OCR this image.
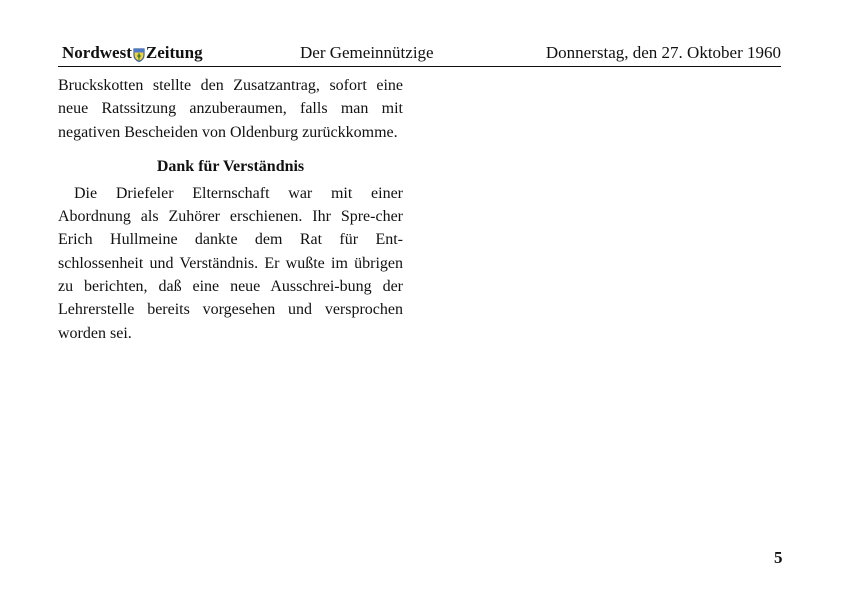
Nordwest Zeitung	Der Gemeinnützige	Donnerstag, den 27. Oktober 1960

Bruckskotten stellte den Zusatzantrag, sofort eine neue Ratssitzung anzuberaumen, falls man mit negativen Bescheiden von Oldenburg zurückkomme.

Dank für Verständnis

Die Driefeler Elternschaft war mit einer Abordnung als Zuhörer erschienen. Ihr Spre-​cher Erich Hullmeine dankte dem Rat für Ent-​schlossenheit und Verständnis. Er wußte im übrigen zu berichten, daß eine neue Ausschrei-​bung der Lehrerstelle bereits vorgesehen und versprochen worden sei.

5
